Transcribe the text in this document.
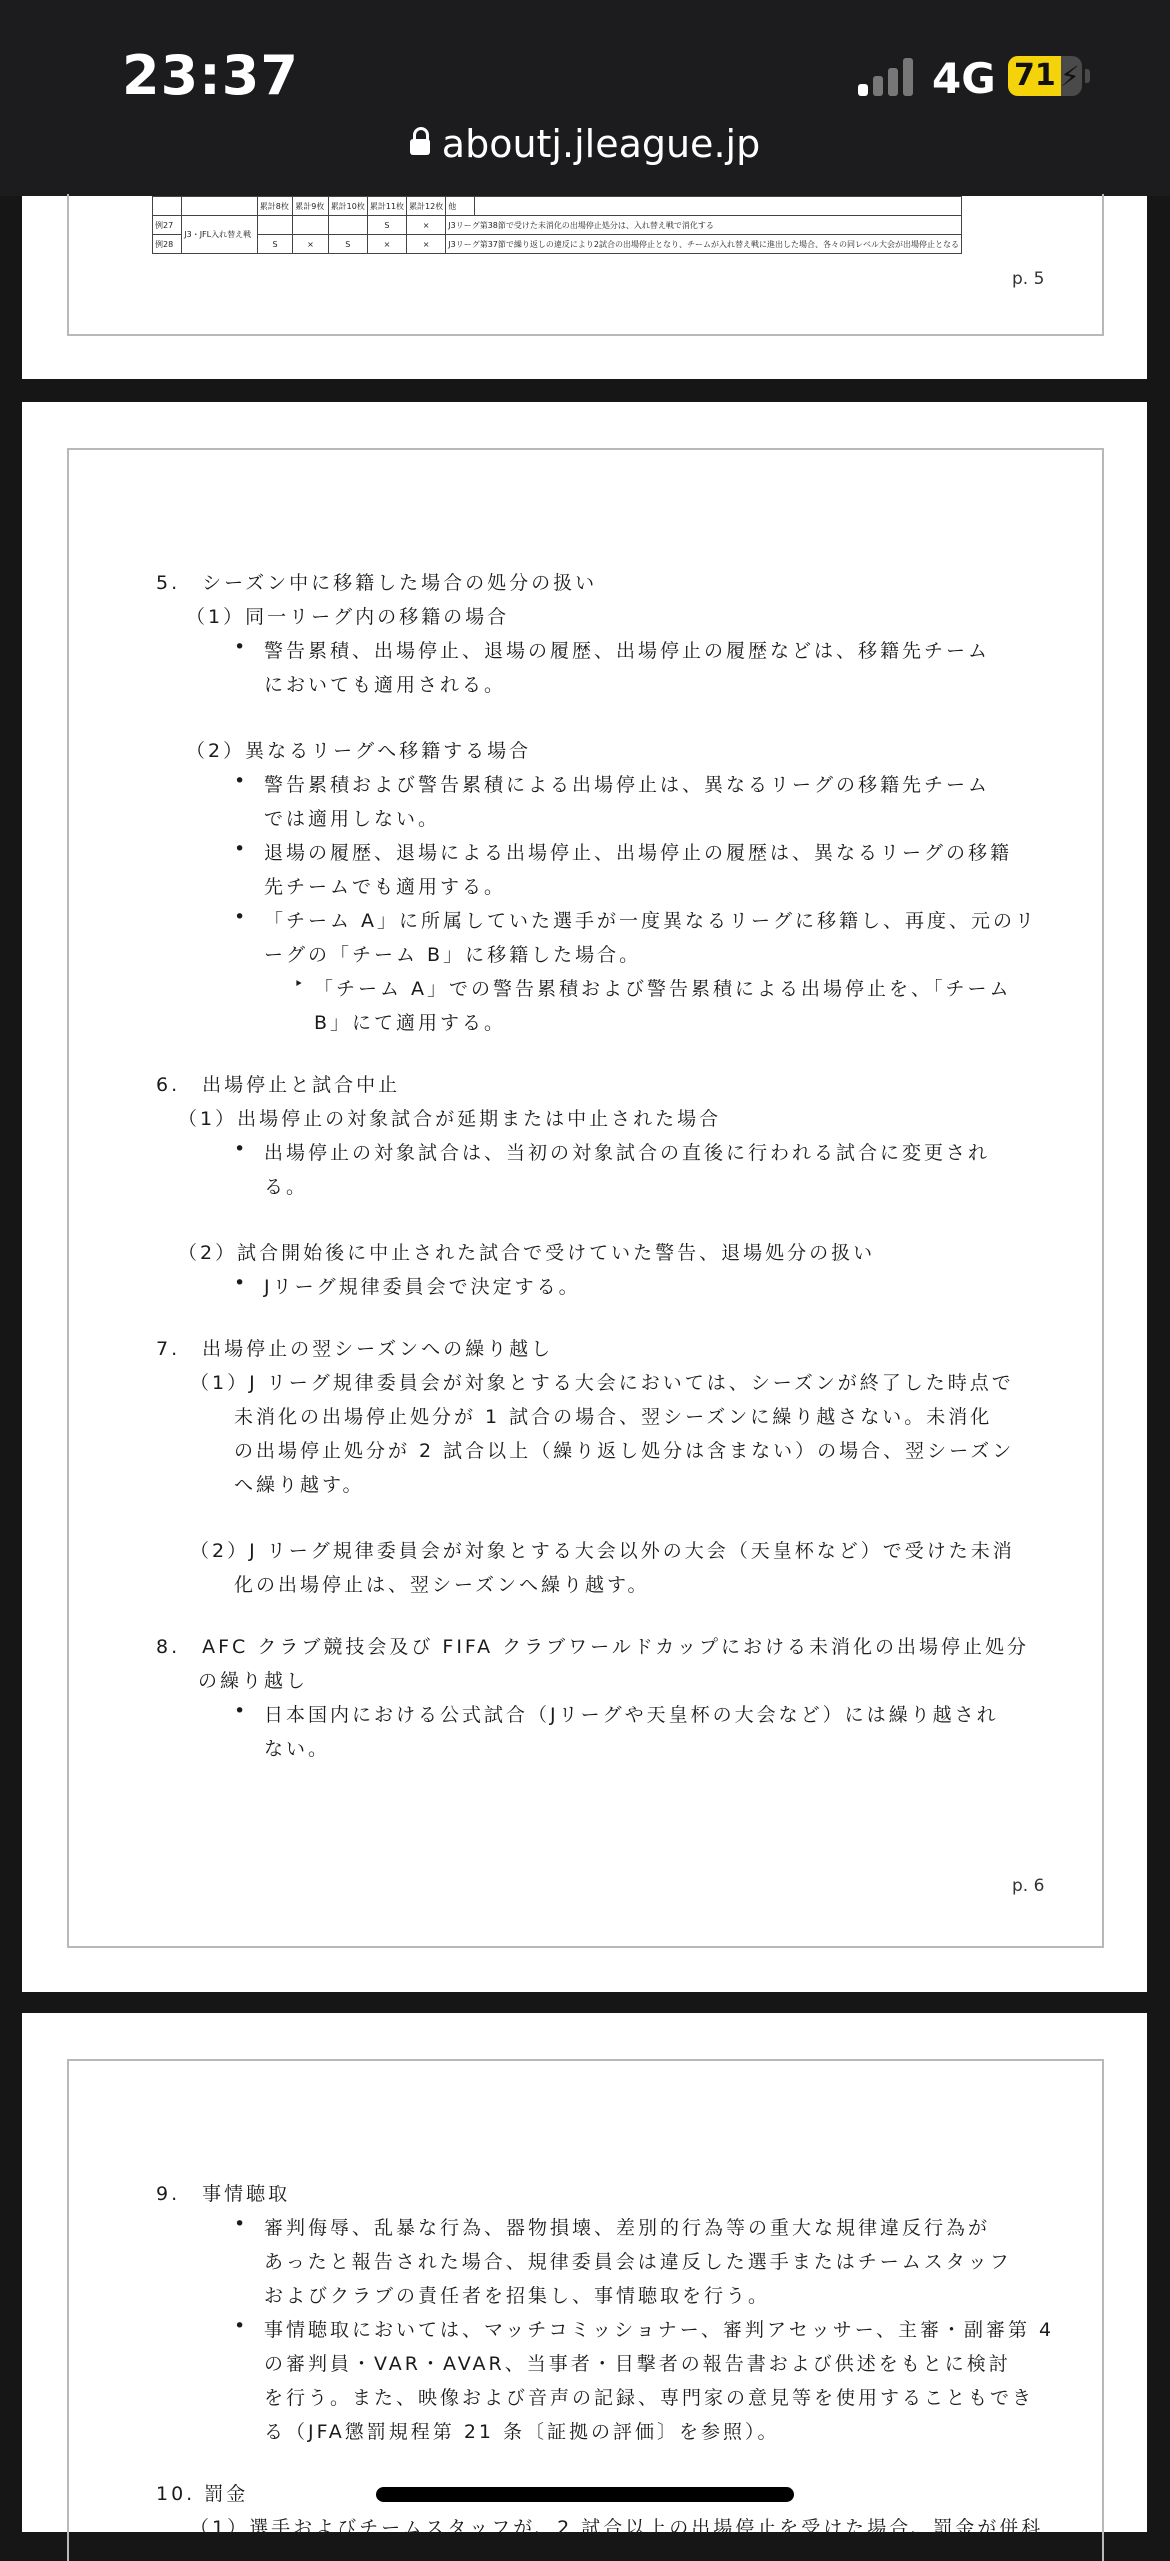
23:37	4G 71 ⚡
aboutj.jleague.jp
		累計8枚	累計9枚	累計10枚	累計11枚	累計12枚	他	
例27	J3・JFL入れ替え戦				S	×	J3リーグ第38節で受けた未消化の出場停止処分は、入れ替え戦で消化する	
例28		S	×	S	×	×	J3リーグ第37節で繰り返しの違反により2試合の出場停止となり、チームが入れ替え戦に進出した場合、各々の同レベル大会が出場停止となる	
p. 5
5.　シーズン中に移籍した場合の処分の扱い
（1）同一リーグ内の移籍の場合
• 警告累積、出場停止、退場の履歴、出場停止の履歴などは、移籍先チーム
においても適用される。
（2）異なるリーグへ移籍する場合
• 警告累積および警告累積による出場停止は、異なるリーグの移籍先チーム
では適用しない。
• 退場の履歴、退場による出場停止、出場停止の履歴は、異なるリーグの移籍
先チームでも適用する。
• 「チーム A」に所属していた選手が一度異なるリーグに移籍し、再度、元のリ
ーグの「チーム B」に移籍した場合。
‣ 「チーム A」での警告累積および警告累積による出場停止を、「チーム
B」にて適用する。
6.　出場停止と試合中止
（1）出場停止の対象試合が延期または中止された場合
• 出場停止の対象試合は、当初の対象試合の直後に行われる試合に変更され
る。
（2）試合開始後に中止された試合で受けていた警告、退場処分の扱い
• Jリーグ規律委員会で決定する。
7.　出場停止の翌シーズンへの繰り越し
（1）J リーグ規律委員会が対象とする大会においては、シーズンが終了した時点で
未消化の出場停止処分が 1 試合の場合、翌シーズンに繰り越さない。未消化
の出場停止処分が 2 試合以上（繰り返し処分は含まない）の場合、翌シーズン
へ繰り越す。
（2）J リーグ規律委員会が対象とする大会以外の大会（天皇杯など）で受けた未消
化の出場停止は、翌シーズンへ繰り越す。
8.　AFC クラブ競技会及び FIFA クラブワールドカップにおける未消化の出場停止処分
の繰り越し
• 日本国内における公式試合（Jリーグや天皇杯の大会など）には繰り越され
ない。
p. 6
9.　事情聴取
• 審判侮辱、乱暴な行為、器物損壊、差別的行為等の重大な規律違反行為が
あったと報告された場合、規律委員会は違反した選手またはチームスタッフ
およびクラブの責任者を招集し、事情聴取を行う。
• 事情聴取においては、マッチコミッショナー、審判アセッサー、主審・副審第 4
の審判員・VAR・AVAR、当事者・目撃者の報告書および供述をもとに検討
を行う。また、映像および音声の記録、専門家の意見等を使用することもでき
る（JFA懲罰規程第 21 条〔証拠の評価〕を参照）。
10. 罰金
（1）選手およびチームスタッフが、2 試合以上の出場停止を受けた場合、罰金が併科
